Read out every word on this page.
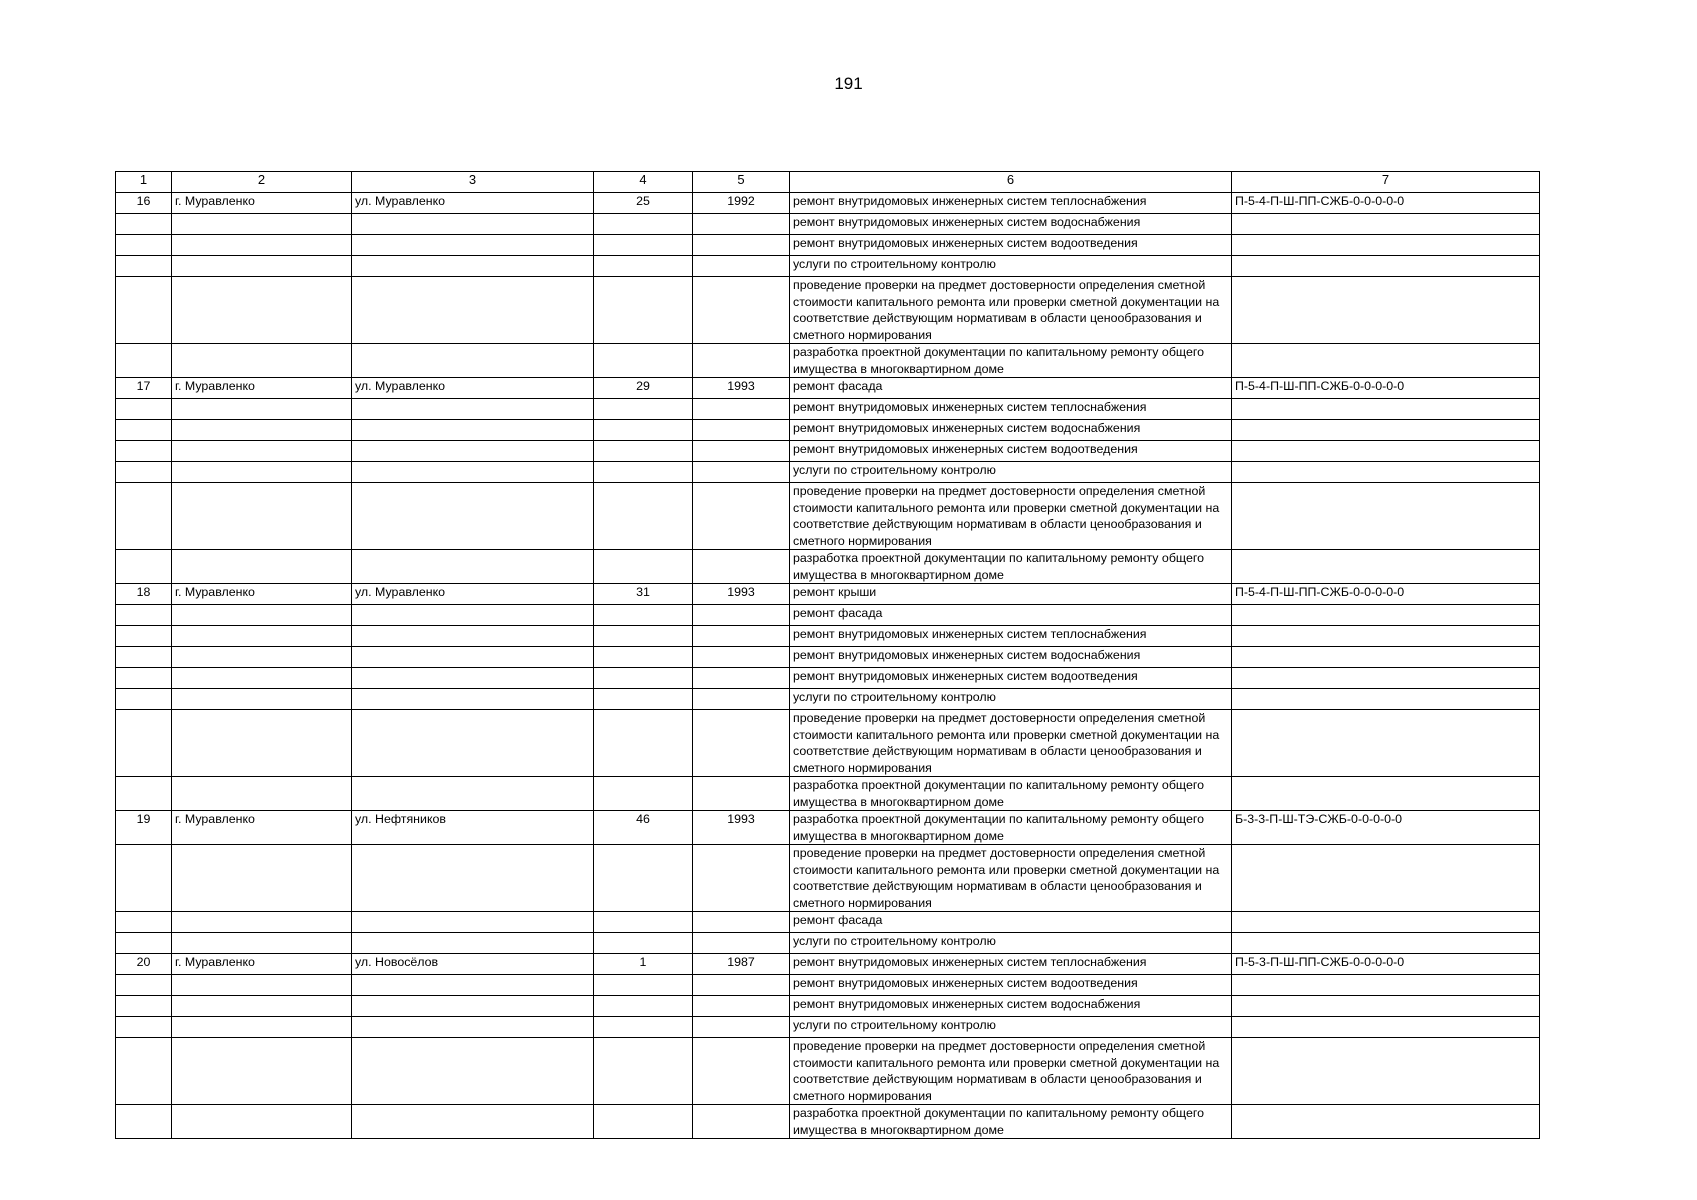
191
1	2	3	4	5	6	7
16	г. Муравленко	ул. Муравленко	25	1992	ремонт внутридомовых инженерных систем теплоснабжения	П-5-4-П-Ш-ПП-СЖБ-0-0-0-0-0
					ремонт внутридомовых инженерных систем водоснабжения	
					ремонт внутридомовых инженерных систем водоотведения	
					услуги по строительному контролю	
					проведение проверки на предмет достоверности определения сметной стоимости капитального ремонта или проверки сметной документации на соответствие действующим нормативам в области ценообразования и сметного нормирования	
					разработка проектной документации по капитальному ремонту общего имущества в многоквартирном доме	
17	г. Муравленко	ул. Муравленко	29	1993	ремонт фасада	П-5-4-П-Ш-ПП-СЖБ-0-0-0-0-0
					ремонт внутридомовых инженерных систем теплоснабжения	
					ремонт внутридомовых инженерных систем водоснабжения	
					ремонт внутридомовых инженерных систем водоотведения	
					услуги по строительному контролю	
					проведение проверки на предмет достоверности определения сметной стоимости капитального ремонта или проверки сметной документации на соответствие действующим нормативам в области ценообразования и сметного нормирования	
					разработка проектной документации по капитальному ремонту общего имущества в многоквартирном доме	
18	г. Муравленко	ул. Муравленко	31	1993	ремонт крыши	П-5-4-П-Ш-ПП-СЖБ-0-0-0-0-0
					ремонт фасада	
					ремонт внутридомовых инженерных систем теплоснабжения	
					ремонт внутридомовых инженерных систем водоснабжения	
					ремонт внутридомовых инженерных систем водоотведения	
					услуги по строительному контролю	
					проведение проверки на предмет достоверности определения сметной стоимости капитального ремонта или проверки сметной документации на соответствие действующим нормативам в области ценообразования и сметного нормирования	
					разработка проектной документации по капитальному ремонту общего имущества в многоквартирном доме	
19	г. Муравленко	ул. Нефтяников	46	1993	разработка проектной документации по капитальному ремонту общего имущества в многоквартирном доме	Б-3-3-П-Ш-ТЭ-СЖБ-0-0-0-0-0
					проведение проверки на предмет достоверности определения сметной стоимости капитального ремонта или проверки сметной документации на соответствие действующим нормативам в области ценообразования и сметного нормирования	
					ремонт фасада	
					услуги по строительному контролю	
20	г. Муравленко	ул. Новосёлов	1	1987	ремонт внутридомовых инженерных систем теплоснабжения	П-5-3-П-Ш-ПП-СЖБ-0-0-0-0-0
					ремонт внутридомовых инженерных систем водоотведения	
					ремонт внутридомовых инженерных систем водоснабжения	
					услуги по строительному контролю	
					проведение проверки на предмет достоверности определения сметной стоимости капитального ремонта или проверки сметной документации на соответствие действующим нормативам в области ценообразования и сметного нормирования	
					разработка проектной документации по капитальному ремонту общего имущества в многоквартирном доме	
